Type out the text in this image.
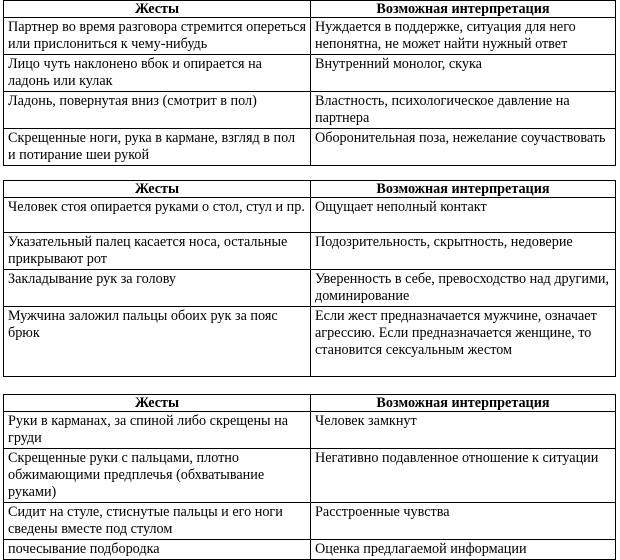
Жесты	Возможная интерпретация
Партнер во время разговора стремится опереться или прислониться к чему-нибудь	Нуждается в поддержке, ситуация для него непонятна, не может найти нужный ответ
Лицо чуть наклонено вбок и опирается на ладонь или кулак	Внутренний монолог, скука
Ладонь, повернутая вниз (смотрит в пол)	Властность, психологическое давление на партнера
Скрещенные ноги, рука в кармане, взгляд в пол и потирание шеи рукой	Оборонительная поза, нежелание соучаствовать
Жесты	Возможная интерпретация
Человек стоя опирается руками о стол, стул и пр.	Ощущает неполный контакт
Указательный палец касается носа, остальные прикрывают рот	Подозрительность, скрытность, недоверие
Закладывание рук за голову	Уверенность в себе, превосходство над другими, доминирование
Мужчина заложил пальцы обоих рук за пояс брюк	Если жест предназначается мужчине, означает агрессию. Если предназначается женщине, то становится сексуальным жестом
Жесты	Возможная интерпретация
Руки в карманах, за спиной либо скрещены на груди	Человек замкнут
Скрещенные руки с пальцами, плотно обжимающими предплечья (обхватывание руками)	Негативно подавленное отношение к ситуации
Сидит на стуле, стиснутые пальцы и его ноги сведены вместе под стулом	Расстроенные чувства
почесывание подбородка	Оценка предлагаемой информации
